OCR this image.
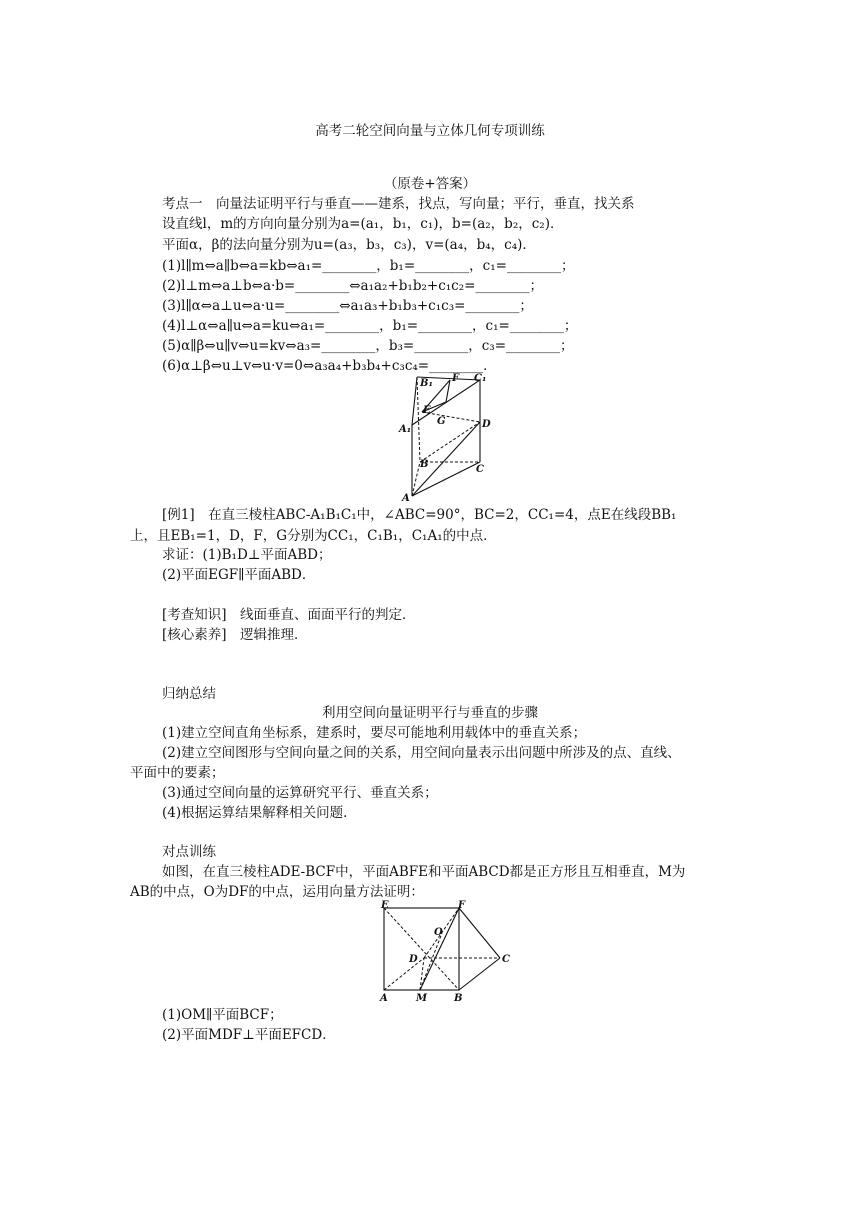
高考二轮空间向量与立体几何专项训练
（原卷+答案）
考点一　向量法证明平行与垂直——建系，找点，写向量；平行，垂直，找关系
设直线l，m的方向向量分别为a=(a₁，b₁，c₁)，b=(a₂，b₂，c₂)．
平面α，β的法向量分别为u=(a₃，b₃，c₃)，v=(a₄，b₄，c₄)．
(1)l∥m⇔a∥b⇔a=kb⇔a₁=________，b₁=________，c₁=________；
(2)l⊥m⇔a⊥b⇔a·b=________⇔a₁a₂+b₁b₂+c₁c₂=________；
(3)l∥α⇔a⊥u⇔a·u=________⇔a₁a₃+b₁b₃+c₁c₃=________；
(4)l⊥α⇔a∥u⇔a=ku⇔a₁=________，b₁=________，c₁=________；
(5)α∥β⇔u∥v⇔u=kv⇔a₃=________，b₃=________，c₃=________；
(6)α⊥β⇔u⊥v⇔u·v=0⇔a₃a₄+b₃b₄+c₃c₄=________．
B₁ F C₁
E
G
A₁	D
B	C
A
[例1]　在直三棱柱ABC-A₁B₁C₁中，∠ABC=90°，BC=2，CC₁=4，点E在线段BB₁
上，且EB₁=1，D，F，G分别为CC₁，C₁B₁，C₁A₁的中点．
求证：(1)B₁D⊥平面ABD；
(2)平面EGF∥平面ABD．
[考查知识]　线面垂直、面面平行的判定．
[核心素养]　逻辑推理．
归纳总结
利用空间向量证明平行与垂直的步骤
(1)建立空间直角坐标系，建系时，要尽可能地利用载体中的垂直关系；
(2)建立空间图形与空间向量之间的关系，用空间向量表示出问题中所涉及的点、直线、
平面中的要素；
(3)通过空间向量的运算研究平行、垂直关系；
(4)根据运算结果解释相关问题．
对点训练
如图，在直三棱柱ADE-BCF中，平面ABFE和平面ABCD都是正方形且互相垂直，M为
AB的中点，O为DF的中点，运用向量方法证明：
E	F
O
D	C
A	M	B
(1)OM∥平面BCF；
(2)平面MDF⊥平面EFCD．
